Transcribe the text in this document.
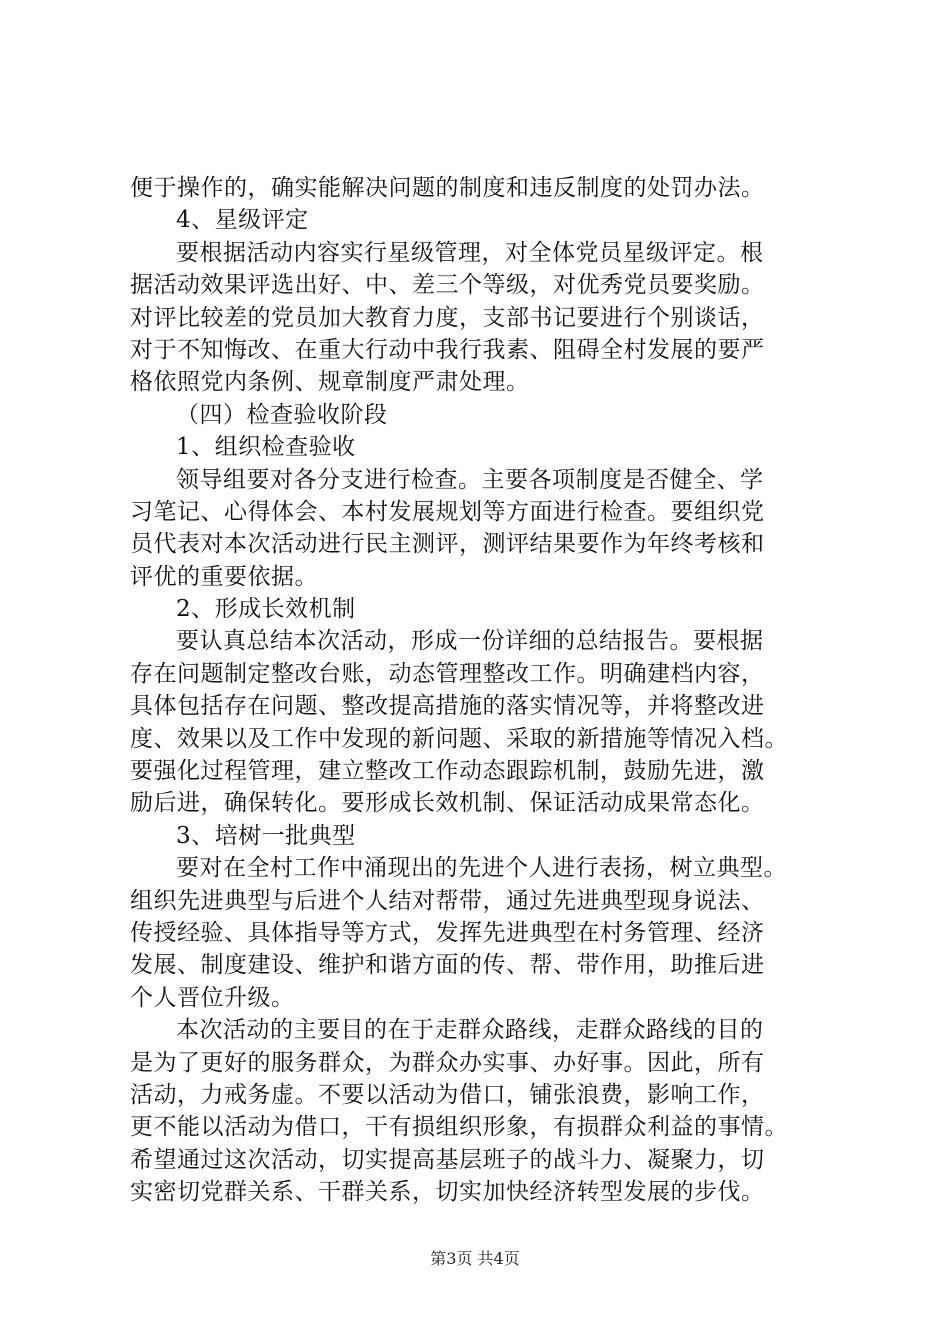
便于操作的，确实能解决问题的制度和违反制度的处罚办法。
4、星级评定
要根据活动内容实行星级管理，对全体党员星级评定。根
据活动效果评选出好、中、差三个等级，对优秀党员要奖励。
对评比较差的党员加大教育力度，支部书记要进行个别谈话，
对于不知悔改、在重大行动中我行我素、阻碍全村发展的要严
格依照党内条例、规章制度严肃处理。
（四）检查验收阶段
1、组织检查验收
领导组要对各分支进行检查。主要各项制度是否健全、学
习笔记、心得体会、本村发展规划等方面进行检查。要组织党
员代表对本次活动进行民主测评，测评结果要作为年终考核和
评优的重要依据。
2、形成长效机制
要认真总结本次活动，形成一份详细的总结报告。要根据
存在问题制定整改台账，动态管理整改工作。明确建档内容，
具体包括存在问题、整改提高措施的落实情况等，并将整改进
度、效果以及工作中发现的新问题、采取的新措施等情况入档。
要强化过程管理，建立整改工作动态跟踪机制，鼓励先进，激
励后进，确保转化。要形成长效机制、保证活动成果常态化。
3、培树一批典型
要对在全村工作中涌现出的先进个人进行表扬，树立典型。
组织先进典型与后进个人结对帮带，通过先进典型现身说法、
传授经验、具体指导等方式，发挥先进典型在村务管理、经济
发展、制度建设、维护和谐方面的传、帮、带作用，助推后进
个人晋位升级。
本次活动的主要目的在于走群众路线，走群众路线的目的
是为了更好的服务群众，为群众办实事、办好事。因此，所有
活动，力戒务虚。不要以活动为借口，铺张浪费，影响工作，
更不能以活动为借口，干有损组织形象，有损群众利益的事情。
希望通过这次活动，切实提高基层班子的战斗力、凝聚力，切
实密切党群关系、干群关系，切实加快经济转型发展的步伐。
第3页 共4页
